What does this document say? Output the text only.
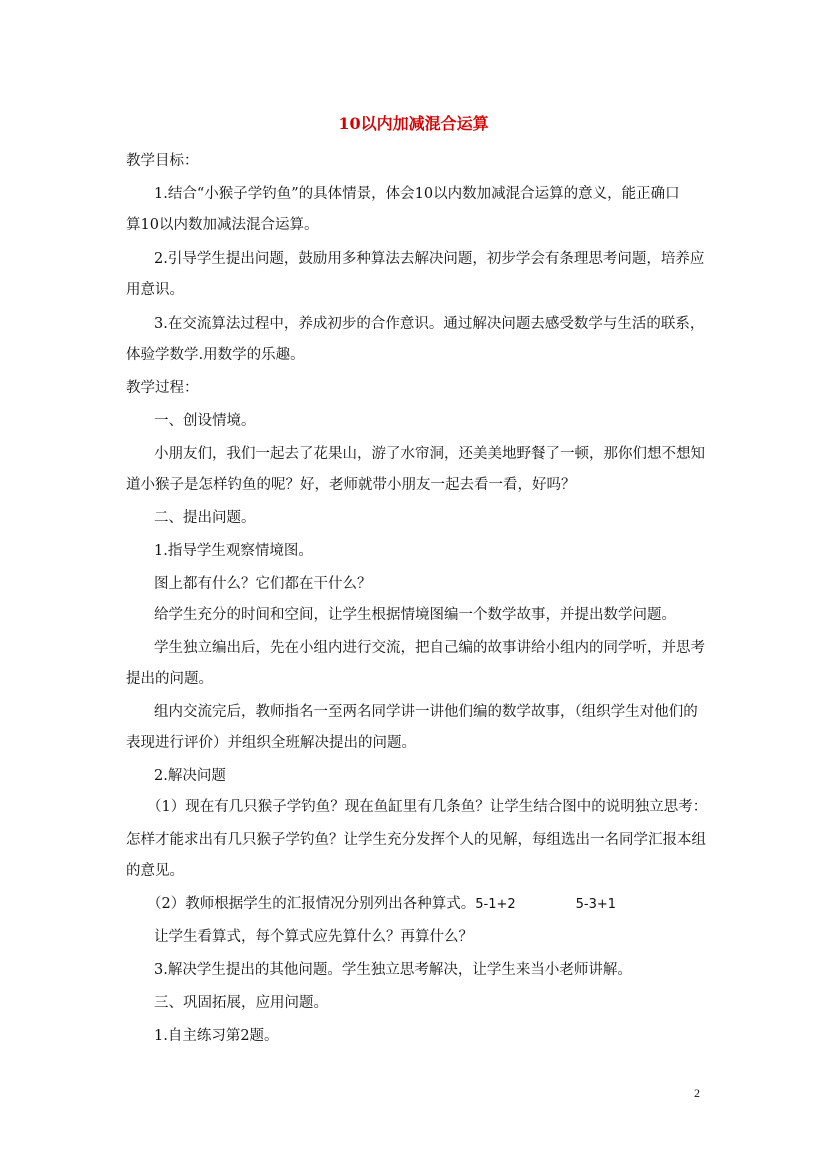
10以内加减混合运算
教学目标：
1.结合“小猴子学钓鱼”的具体情景，体会10以内数加减混合运算的意义，能正确口
算10以内数加减法混合运算。
2.引导学生提出问题，鼓励用多种算法去解决问题，初步学会有条理思考问题，培养应
用意识。
3.在交流算法过程中，养成初步的合作意识。通过解决问题去感受数学与生活的联系，
体验学数学.用数学的乐趣。
教学过程：
一、创设情境。
小朋友们，我们一起去了花果山，游了水帘洞，还美美地野餐了一顿，那你们想不想知
道小猴子是怎样钓鱼的呢？好，老师就带小朋友一起去看一看，好吗？
二、提出问题。
1.指导学生观察情境图。
图上都有什么？它们都在干什么？
给学生充分的时间和空间，让学生根据情境图编一个数学故事，并提出数学问题。
学生独立编出后，先在小组内进行交流，把自己编的故事讲给小组内的同学听，并思考
提出的问题。
组内交流完后，教师指名一至两名同学讲一讲他们编的数学故事，（组织学生对他们的
表现进行评价）并组织全班解决提出的问题。
2.解决问题
（1）现在有几只猴子学钓鱼？现在鱼缸里有几条鱼？让学生结合图中的说明独立思考：
怎样才能求出有几只猴子学钓鱼？让学生充分发挥个人的见解，每组选出一名同学汇报本组
的意见。
（2）教师根据学生的汇报情况分别列出各种算式。5-1+2	5-3+1
让学生看算式，每个算式应先算什么？再算什么？
3.解决学生提出的其他问题。学生独立思考解决，让学生来当小老师讲解。
三、巩固拓展，应用问题。
1.自主练习第2题。
2
